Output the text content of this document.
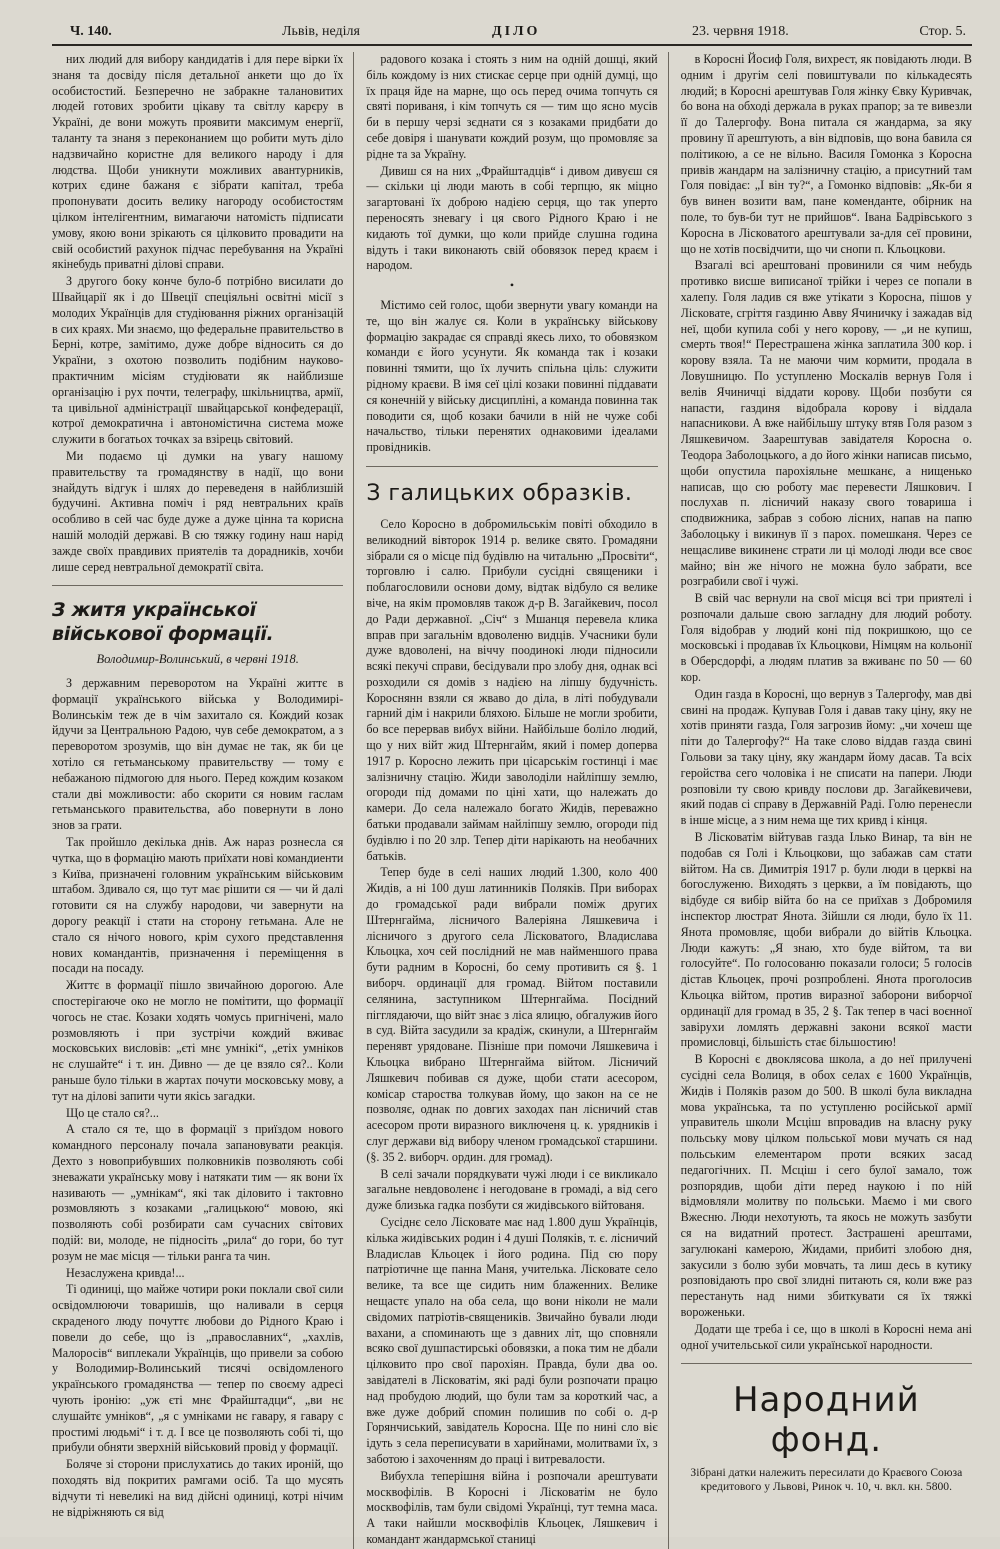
Ч. 140.	Львів, неділя	ДІЛО	23. червня 1918.	Стор. 5.

них людий для вибору кандидатів і для пере вірки їх знаня та досвіду після детальної анкети що до їх особистостий. Безперечно не забракне талановитих людей готових зробити цікаву та світлу карєру в Україні, де вони можуть проявити максимум енергії, таланту та знаня з переконанием що робити муть діло надзвичайно користне для великого народу і для людства. Щоби уникнути можливих авантурників, котрих єдине бажаня є зібрати капітал, треба пропонувати досить велику нагороду особистостям цілком інтелігентним, вимагаючи натомість підписати умову, якою вони зрікають ся цілковито провадити на свій особистий рахунок підчас перебування на Україні якінебудь приватні ділові справи.

З другого боку конче було-б потрібно висилати до Швайцарії як і до Швеції спеціяльні освітні місії з молодих Українців для студіювання ріжних організацій в сих краях. Ми знаємо, що федеральне правительство в Берні, котре, замітимо, дуже добре відносить ся до України, з охотою позволить подібним науково-практичним місіям студіювати як найблизше організацію і рух почти, телеграфу, шкільництва, армії, та цивільної адміністрації швайцарської конфедерації, котрої демократична і автономістична система може служити в богатьох точках за взірець світовий.

Ми подаємо ці думки на увагу нашому правительству та громадянству в надії, що вони знайдуть відгук і шлях до переведеня в найблизшій будучині. Активна поміч і ряд невтральних країв особливо в сей час буде дуже а дуже цінна та корисна нашій молодій державі. В сю тяжку годину наш нарід зажде своїх правдивих приятелів та дорадників, хочби лише серед невтральної демократії світа.

З житя української військової формації.
Володимир-Волинський, в червні 1918.

З державним переворотом на Україні життє в формації українського війська у Володимирі-Волинськім теж де в чім захитало ся. Кождий козак йдучи за Центральною Радою, чув себе демократом, а з переворотом зрозумів, що він думає не так, як би це хотіло ся гетьманському правительству — тому є небажаною підмогою для нього. Перед кождим козаком стали дві можливости: або скорити ся новим гаслам гетьманського правительства, або повернути в лоно знов за грати.

Так пройшло декілька днів. Аж нараз рознесла ся чутка, що в формацію мають приїхати нові командиенти з Київа, призначені головним українським військовим штабом. Здивало ся, що тут має рішити ся — чи й далі готовити ся на службу народови, чи завернути на дорогу реакції і стати на сторону гетьмана. Але не стало ся нічого нового, крім сухого представлення нових командантів, призначення і переміщення в посади на посаду.

Життє в формації пішло звичайною дорогою. Але спостерігаюче око не могло не помітити, що формації чогось не стає. Козаки ходять чомусь пригнічені, мало розмовляють і при зустрічи кождий вживає московських висловів: „єті мнє умнікі“, „етіх умніков нє слушайте“ і т. ин. Дивно — де це взяло ся?.. Коли раньше було тільки в жартах почути московську мову, а тут на ділові запити чути якісь загадки.

Що це стало ся?...

А стало ся те, що в формації з приїздом нового командного персоналу почала запановувати реакція. Дехто з новоприбувших полковників позволяють собі зневажати українську мову і натякати тим — як вони їх називають — „умнікам“, які так діловито і тактовно розмовляють з козаками „галицькою“ мовою, які позволяють собі розбирати сам сучасних світових подій: ви, молоде, не підносіть „рила“ до гори, бо тут розум не має місця — тільки ранга та чин.

Незаслужена кривда!...

Ті одиниці, що майже чотири роки поклали свої сили освідомлюючи товаришів, що наливали в серця скраденого люду почуттє любови до Рідного Краю і повели до себе, що із „православних“, „хахлів, Малоросів“ виплекали Українців, що привели за собою у Володимир-Волинський тисячі освідомленого українського громадянства — тепер по своєму адресі чують іронію: „уж єті мнє Фрайштадци“, „ви нє слушайтє умніков“, „я с умніками нє гавару, я гавару с простимі людьмі“ і т. д. І все це позволяють собі ті, що прибули обняти зверхній військовий провід у формації.

Боляче зі сторони прислухатись до таких ироній, що походять від покритих рамгами осіб. Та що мусять відчути ті невеликі на вид дійсні одиниці, котрі нічим не відріжняють ся від

радового козака і стоять з ним на одній дошці, який біль кождому із них стискає серце при одній думці, що їх праця йде на марне, що ось перед очима топчуть ся святі пориваня, і кім топчуть ся — тим що ясно мусів би в першу черзі зєднати ся з козаками придбати до себе довіря і шанувати кождий розум, що промовляє за рідне та за Україну.

Дивиш ся на них „Фрайштадців“ і дивом дивуєш ся — скільки ці люди мають в собі терпцю, як міцно загартовані їх доброю надією серця, що так уперто переносять зневагу і ця свого Рідного Краю і не кидають тої думки, що коли прийде слушна година відуть і таки виконають свій обовязок перед краєм і народом.

•

Містимо сей голос, щоби звернути увагу команди на те, що він жалує ся. Коли в українську військову формацію закрадає ся справді якесь лихо, то обовязком команди є його усунути. Як команда так і козаки повинні тямити, що їх лучить спільна ціль: служити рідному краєви. В імя сеї цілі козаки повинні піддавати ся конечній у війську дисципліні, а команда повинна так поводити ся, щоб козаки бачили в ній не чуже собі начальство, тільки перенятих однаковими ідеалами провідників.

З галицьких образків.

Село Коросно в добромильськім повіті обходило в великодний вівторок 1914 р. велике свято. Громадяни зібрали ся о місце під будівлю на читальню „Просвіти“, торговлю і салю. Прибули сусідні священики і поблагословили основи дому, відтак відбуло ся велике віче, на якім промовляв також д-р В. Загайкевич, посол до Ради державної. „Січ“ з Мшанця перевела клика вправ при загальнім вдоволеню видців. Учасники були дуже вдоволені, на віччу поодинокі люди підносили всякі пекучі справи, бесідували про злобу дня, однак всі розходили ся домів з надією на ліпшу будучність. Короснянн взяли ся жваво до діла, в літі побудували гарний дім і накрили бляхою. Більше не могли зробити, бо все перервав вибух війни. Найбільше боліло людий, що у них війт жид Штернгайм, який і помер доперва 1917 р. Коросно лежить при цісарськім гостинці і має залізничну стацію. Жиди заволоділи найліпшу землю, огороди під домами по ціні хати, що належать до камери. До села належало богато Жидів, переважно батьки продавали займам найліпшу землю, огороди під будівлю і по 20 злр. Тепер діти нарікають на необачних батьків.

Тепер буде в селі наших людий 1.300, коло 400 Жидів, а ні 100 душ латинників Поляків. При виборах до громадської ради вибрали поміж других Штернгайма, лісничого Валеріяна Ляшкевича і лісничого з другого села Лісковатого, Владислава Кльоцка, хоч сей послідний не мав найменшого права бути радним в Коросні, бо сему противить ся §. 1 виборч. ординації для громад. Війтом поставили селянина, заступником Штернгайма. Посідний пігглядаючи, що війт знає з ліса ялицю, обгалужив його в суд. Війта засудили за крадіж, скинули, а Штернгайм перенявт урядоване. Пізніше при помочи Ляшкевича і Кльоцка вибрано Штернгайма війтом. Лісничий Ляшкевич побивав ся дуже, щоби стати асесором, комісар староства толкував йому, що закон на се не позволяє, однак по довгих заходах пан лісничий став асесором проти виразного виключеня ц. к. урядників і слуг держави від вибору членом громадської старшини. (§. 35 2. виборч. ордин. для громад).

В селі зачали порядкувати чужі люди і се викликало загальне невдоволенє і негодоване в громаді, а від сего дуже близька гадка позбути ся жидівського війтованя.

Сусіднє село Лісковате має над 1.800 душ Українців, кілька жидівських родин і 4 душі Поляків, т. є. лісничий Владислав Кльоцек і його родина. Під сю пору патріотичне ще панна Маня, учителька. Лісковате село велике, та все ще сидить ним блаженних. Велике нещастє упало на оба села, що вони ніколи не мали свідомих патріотів-священиків. Звичайно бували люди вахани, а споминають ще з давних літ, що сповняли всяко свої душпастирські обовязки, а пока тим не дбали цілковито про свої парохіян. Правда, були два оо. завідателі в Лісковатім, які раді були розпочати працю над пробудою людий, що були там за короткий час, а вже дуже добрий спомин полишив по собі о. д-р Горянчиський, завідатель Коросна. Ще по нині сло віє ідуть з села переписувати в харийнами, молитвами їх, з заботою і захоченням до праці і витревалости.

Вибухла теперішня війна і розпочали арештувати москвофілів. В Коросні і Лісковатім не було москвофілів, там були свідомі Українці, тут темна маса. А таки найшли москвофілів Кльоцек, Ляшкевич і командант жандармської станиці

в Коросні Йосиф Голя, вихрест, як повідають люди. В одним і другім селі повиштували по кількадесять людий; в Коросні арештував Голя жінку Євку Куривчак, бо вона на обході держала в руках прапор; за те вивезли її до Талергофу. Вона питала ся жандарма, за яку провину її арештують, а він відповів, що вона бавила ся політикою, а се не вільно. Василя Гомонка з Коросна привів жандарм на залізничну стацію, а присутний там Голя повідає: „І він ту?“, а Гомонко відповів: „Як-би я був винен возити вам, пане коменданте, обірник на поле, то був-би тут не прийшов“. Івана Бадрівського з Коросна в Лісковатого арештували за-для сеї провини, що не хотів посвідчити, що чи снопи п. Кльоцкови.

Взагалі всі арештовані провинили ся чим небудь противко висше виписаної трійки і через се попали в халепу. Голя ладив ся вже утікати з Коросна, пішов у Лісковате, сгріття газдиню Авву Ячиничку і зажадав від неї, щоби купила собі у него корову, — „и не купиш, смерть твоя!“ Перестрашена жінка заплатила 300 кор. і корову взяла. Та не маючи чим кормити, продала в Ловушницю. По уступленю Москалів вернув Голя і велів Ячиничці віддати корову. Щоби позбути ся напасти, газдиня відобрала корову і віддала напасникови. А вже найбільшу штуку втяв Голя разом з Ляшкевичом. Заарештував завідателя Коросна о. Теодора Заболоцького, а до його жінки написав письмо, щоби опустила парохіяльне мешканє, а нищенько написав, що сю роботу має перевести Ляшкович. І послухав п. лісничий наказу свого товариша і сподвижника, забрав з собою лісних, напав на папю Заболоцьку і викинув її з парох. помешканя. Через се нещасливе викиненє страти ли ці молоді люди все своє майно; він же нічого не можна було забрати, все розграбили свої і чужі.

В свій час вернули на свої місця всі три приятелі і розпочали дальше свою загладну для людий роботу. Голя відобрав у людий коні під покришкою, що се московські і продавав їх Кльоцкови, Німцям на кольонії в Оберсдорфі, а людям платив за вживанє по 50 — 60 кор.

Один газда в Коросні, що вернув з Талергофу, мав дві свині на продаж. Купував Голя і давав таку ціну, яку не хотів приняти газда, Голя загрозив йому: „чи хочеш ще піти до Талергофу?“ На таке слово віддав газда свині Гольови за таку ціну, яку жандарм йому дасав. Та всіх геройства сего чоловіка і не списати на папери. Люди розповіли ту свою кривду послови др. Загайкевичеви, який подав сі справу в Державній Раді. Голю перенесли в інше місце, а з ним нема ще тих кривд і кінця.

В Лісковатім війтував газда Ілько Винар, та він не подобав ся Голі і Кльоцкови, що забажав сам стати війтом. На св. Димитрія 1917 р. були люди в церкві на богослуженю. Виходять з церкви, а їм повідають, що відбуде ся вибір війта бо на се приїхав з Добромиля інспектор люстрат Янота. Зійшли ся люди, було їх 11. Янота промовляє, щоби вибрали до війтів Кльоцка. Люди кажуть: „Я знаю, хто буде війтом, та ви голосуйте“. По голосованю показали голоси; 5 голосів дістав Кльоцек, прочі розпроблені. Янота проголосив Кльоцка війтом, против виразної заборони виборчої ординації для громад в 35, 2 §. Так тепер в часі воєнної завірухи ломлять державні закони всякої масти промисловці, більшість стає більшостию!

В Коросні є двоклясова школа, а до неї прилучені сусідні села Волиця, в обох селах є 1600 Українців, Жидів і Поляків разом до 500. В школі була викладна мова українська, та по уступленю російської армії управитель школи Мсціш впровадив на власну руку польську мову цілком польської мови мучать ся над польським елементаром проти всяких засад педагогічних. П. Мсціш і сего булої замало, тож розпорядив, щоби діти перед наукою і по ній відмовляли молитву по польськи. Маємо і ми свого Вжесню. Люди нехотують, та якось не можуть зазбути ся на видатний протест. Застрашені арештами, загулюкані камерою, Жидами, прибиті злобою дня, закусили з болю зуби мовчать, та лиш десь в кутику розповідають про свої злидні питають ся, коли вже раз перестануть над ними збиткувати ся їх тяжкі вороженьки.

Додати ще треба і се, що в школі в Коросні нема ані одної учительської сили української народности.

Народний фонд.

Зібрані датки належить пересилати до Краєвого Союза кредитового у Львові, Ринок ч. 10, ч. вкл. кн. 5800.
